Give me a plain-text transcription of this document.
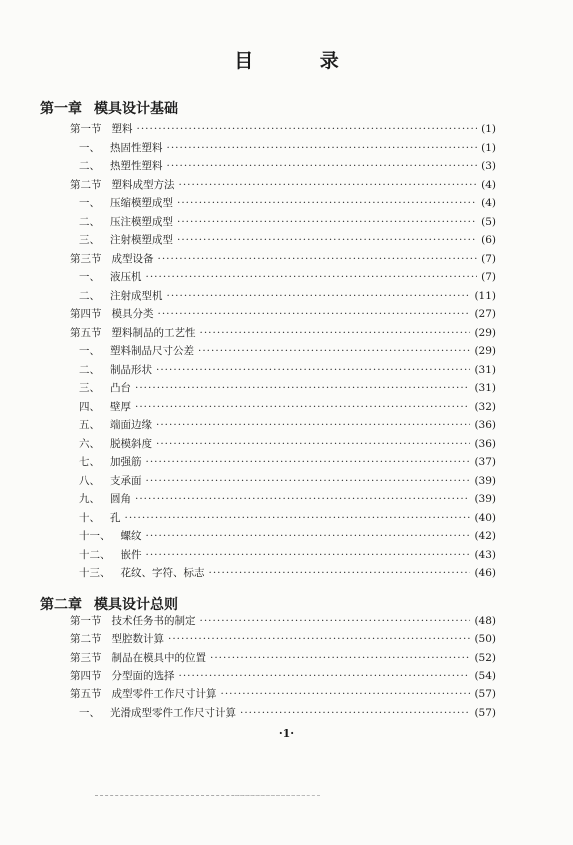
目 录
第一章 模具设计基础
第一节 塑料 ·····	(1)
一、 热固性塑料 ·····	(1)
二、 热塑性塑料 ·····	(3)
第二节 塑料成型方法 ·····	(4)
一、 压缩模塑成型 ·····	(4)
二、 压注模塑成型 ·····	(5)
三、 注射模塑成型 ·····	(6)
第三节 成型设备 ·····	(7)
一、 液压机 ·····	(7)
二、 注射成型机 ·····	(11)
第四节 模具分类 ·····	(27)
第五节 塑料制品的工艺性 ·····	(29)
一、 塑料制品尺寸公差 ·····	(29)
二、 制品形状 ·····	(31)
三、 凸台 ·····	(31)
四、 壁厚 ·····	(32)
五、 端面边缘 ·····	(36)
六、 脱模斜度 ·····	(36)
七、 加强筋 ·····	(37)
八、 支承面 ·····	(39)
九、 圆角 ·····	(39)
十、 孔 ·····	(40)
十一、 螺纹 ·····	(42)
十二、 嵌件 ·····	(43)
十三、 花纹、字符、标志 ·····	(46)
第二章 模具设计总则
第一节 技术任务书的制定 ·····	(48)
第二节 型腔数计算 ·····	(50)
第三节 制品在模具中的位置 ·····	(52)
第四节 分型面的选择 ·····	(54)
第五节 成型零件工作尺寸计算 ·····	(57)
一、 光滑成型零件工作尺寸计算 ·····	(57)
·1·
